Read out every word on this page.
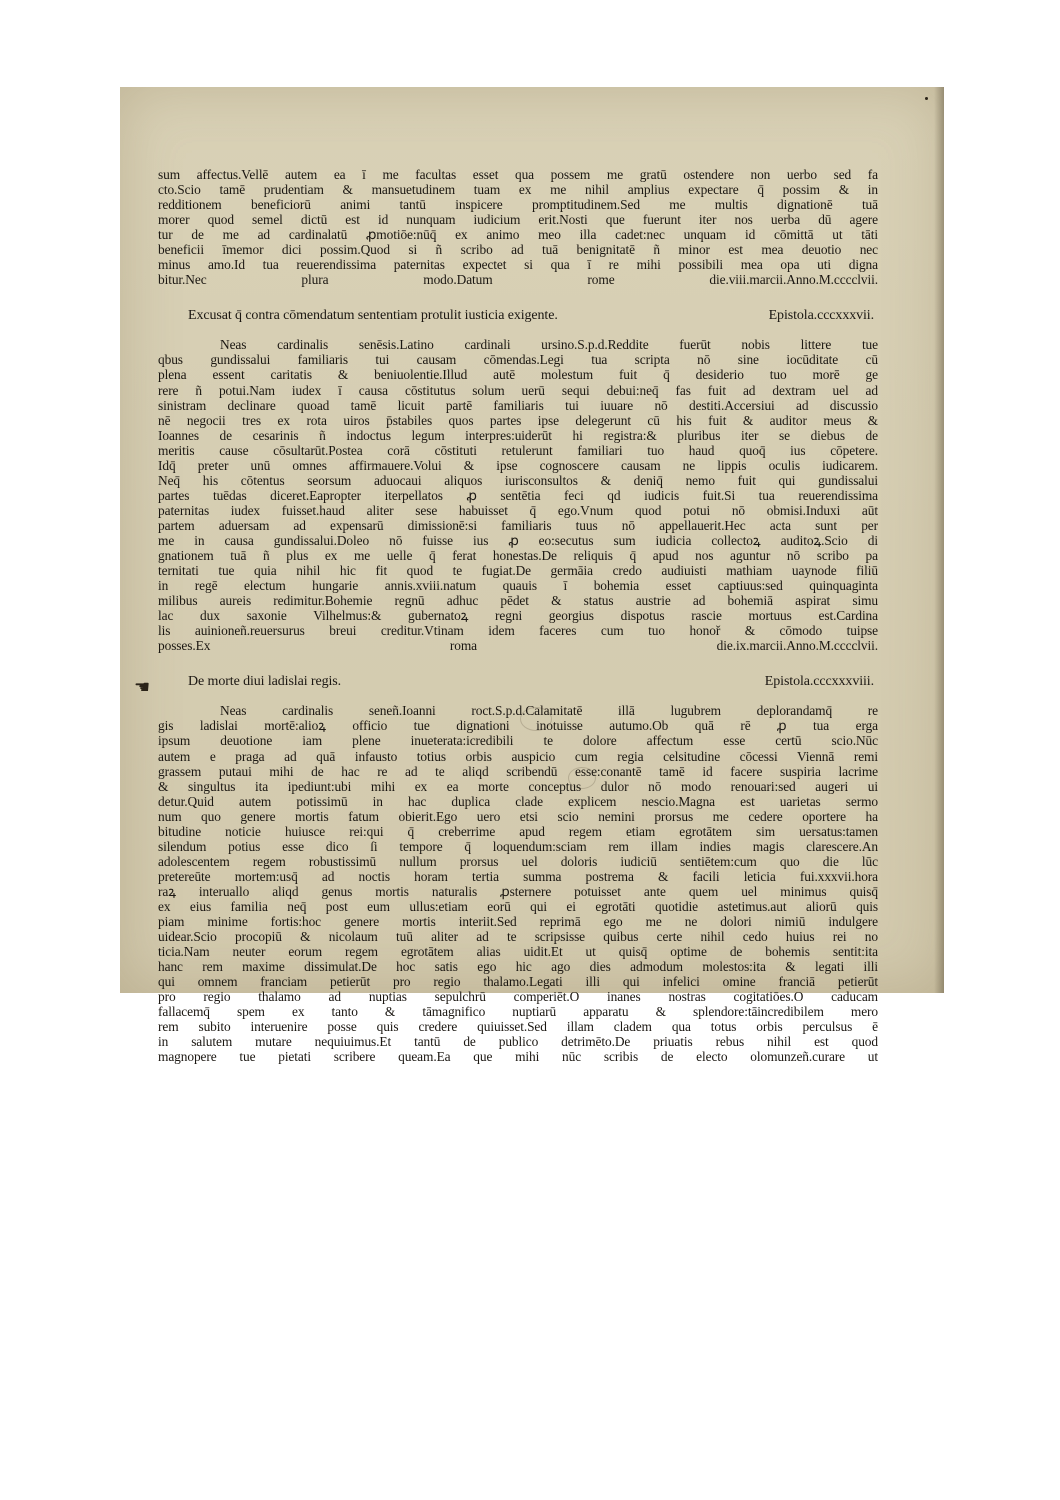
☚
sum affectus.Vellē autem ea ī me facultas esset qua possem me gratū ostendere non uerbo sed fa
cto.Scio tamē prudentiam & mansuetudinem tuam ex me nihil amplius expectare q̄ possim & in
redditionem beneficiorū animi tantū inspicere promptitudinem.Sed me multis dignationē tuā
morer quod semel dictū est id nunquam iudicium erit.Nosti que fuerunt iter nos uerba dū agere
tur de me ad cardinalatū ꝓmotiōe:nūq̄ ex animo meo illa cadet:nec unquam id cōmittā ut tāti
beneficii īmemor dici possim.Quod si ñ scribo ad tuā benignitatē ñ minor est mea deuotio nec
minus amo.Id tua reuerendissima paternitas expectet si qua ī re mihi possibili mea opa uti digna
bitur.Nec plura modo.Datum rome die.viii.marcii.Anno.M.cccclvii.
Excusat q̄ contra cōmendatum sententiam protulit iusticia exigente.	Epistola.cccxxxvii.
Neas cardinalis senēsis.Latino cardinali ursino.S.p.d.Reddite fuerūt nobis littere tue
qbus gundissalui familiaris tui causam cōmendas.Legi tua scripta nō sine iocūditate cū
plena essent caritatis & beniuolentie.Illud autē molestum fuit q̄ desiderio tuo morē ge
rere ñ potui.Nam iudex ī causa cōstitutus solum uerū sequi debui:neq̄ fas fuit ad dextram uel ad
sinistram declinare quoad tamē licuit partē familiaris tui iuuare nō destiti.Accersiui ad discussio
nē negocii tres ex rota uiros p̄stabiles quos partes ipse delegerunt cū his fuit & auditor meus &
Ioannes de cesarinis ñ indoctus legum interpres:uiderūt hi registra:& pluribus iter se diebus de
meritis cause cōsultarūt.Postea corā cōstituti retulerunt familiari tuo haud quoq̄ ius cōpetere.
Idq̄ preter unū omnes affirmauere.Volui & ipse cognoscere causam ne lippis oculis iudicarem.
Neq̄ his cōtentus seorsum aduocaui aliquos iurisconsultos & deniq̄ nemo fuit qui gundissalui
partes tuēdas diceret.Eapropter iterpellatos ꝓ sentētia feci qd iudicis fuit.Si tua reuerendissima
paternitas iudex fuisset.haud aliter sese habuisset q̄ ego.Vnum quod potui nō obmisi.Induxi aūt
partem aduersam ad expensarū dimissionē:si familiaris tuus nō appellauerit.Hec acta sunt per
me in causa gundissalui.Doleo nō fuisse ius ꝓ eo:secutus sum iudicia collectoꝝ auditoꝝ.Scio di
gnationem tuā ñ plus ex me uelle q̄ ferat honestas.De reliquis q̄ apud nos aguntur nō scribo pa
ternitati tue quia nihil hic fit quod te fugiat.De germāia credo audiuisti mathiam uaynode filiū
in regē electum hungarie annis.xviii.natum quauis ī bohemia esset captiuus:sed quinquaginta
milibus aureis redimitur.Bohemie regnū adhuc pēdet & status austrie ad bohemiā aspirat simu
lac dux saxonie Vilhelmus:& gubernatoꝝ regni georgius dispotus rascie mortuus est.Cardina
lis auinioneñ.reuersurus breui creditur.Vtinam idem faceres cum tuo honoř & cōmodo tuipse
posses.Ex roma die.ix.marcii.Anno.M.cccclvii.
De morte diui ladislai regis.	Epistola.cccxxxviii.
Neas cardinalis seneñ.Ioanni roct.S.p.d.Calamitatē illā lugubrem deplorandamq̄ re
gis ladislai mortē:alioꝝ officio tue dignationi inotuisse autumo.Ob quā rē ꝓ tua erga
ipsum deuotione iam plene inueterata:icredibili te dolore affectum esse certū scio.Nūc
autem e praga ad quā infausto totius orbis auspicio cum regia celsitudine cōcessi Viennā remi
grassem putaui mihi de hac re ad te aliqd scribendū esse:conantē tamē id facere suspiria lacrime
& singultus ita ipediunt:ubi mihi ex ea morte conceptus dulor nō modo renouari:sed augeri ui
detur.Quid autem potissimū in hac duplica clade explicem nescio.Magna est uarietas sermo
num quo genere mortis fatum obierit.Ego uero etsi scio nemini prorsus me cedere oportere ha
bitudine noticie huiusce rei:qui q̄ creberrime apud regem etiam egrotātem sim uersatus:tamen
silendum potius esse dico ſi tempore q̄ loquendum:sciam rem illam indies magis clarescere.An
adolescentem regem robustissimū nullum prorsus uel doloris iudiciū sentiētem:cum quo die lūc
pretereūte mortem:usq̄ ad noctis horam tertia summa postrema & facili leticia fui.xxxvii.hora
raꝝ interuallo aliqd genus mortis naturalis ꝓsternere potuisset ante quem uel minimus quisq̄
ex eius familia neq̄ post eum ullus:etiam eorū qui ei egrotāti quotidie astetimus.aut aliorū quis
piam minime fortis:hoc genere mortis interiit.Sed reprimā ego me ne dolori nimiū indulgere
uidear.Scio procopiū & nicolaum tuū aliter ad te scripsisse quibus certe nihil cedo huius rei no
ticia.Nam neuter eorum regem egrotātem alias uidit.Et ut quisq̄ optime de bohemis sentit:ita
hanc rem maxime dissimulat.De hoc satis ego hic ago dies admodum molestos:ita & legati illi
qui omnem franciam petierūt pro regio thalamo.Legati illi qui infelici omine franciā petierūt
pro regio thalamo ad nuptias sepulchrū comperiēt.O inanes nostras cogitatiōes.O caducam
fallacemq̄ spem ex tanto & tāmagnifico nuptiarū apparatu & splendore:tāincredibilem mero
rem subito interuenire posse quis credere quiuisset.Sed illam cladem qua totus orbis perculsus ē
in salutem mutare nequiuimus.Et tantū de publico detrimēto.De priuatis rebus nihil est quod
magnopere tue pietati scribere queam.Ea que mihi nūc scribis de electo olomunzeñ.curare ut
